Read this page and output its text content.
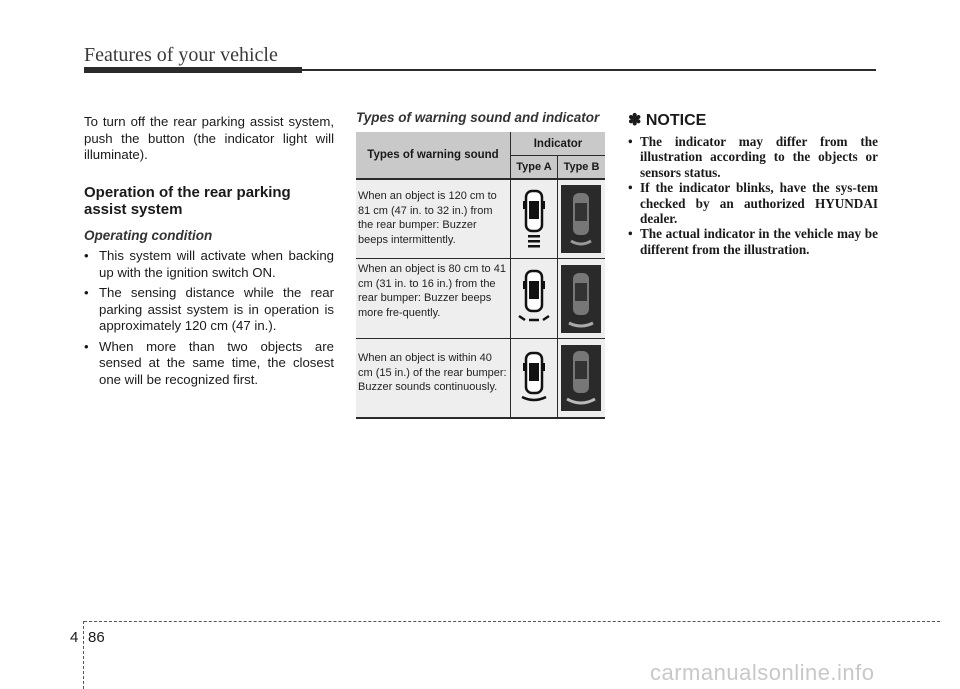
Features of your vehicle

To turn off the rear parking assist system, push the button (the indicator light will illuminate).

Operation of the rear parking assist system
Operating condition
• This system will activate when backing up with the ignition switch ON.
• The sensing distance while the rear parking assist system is in operation is approximately 120 cm (47 in.).
• When more than two objects are sensed at the same time, the closest one will be recognized first.
Types of warning sound and indicator
Types of warning sound
Indicator
Type A	Type B
When an object is 120 cm to 81 cm (47 in. to 32 in.) from the rear bumper: Buzzer beeps intermittently.
When an object is 80 cm to 41 cm (31 in. to 16 in.) from the rear bumper: Buzzer beeps more fre-quently.
When an object is within 40 cm (15 in.) of the rear bumper: Buzzer sounds continuously.
✽ NOTICE
• The indicator may differ from the illustration according to the objects or sensors status.
• If the indicator blinks, have the sys-tem checked by an authorized HYUNDAI dealer.
• The actual indicator in the vehicle may be different from the illustration.
4 86
carmanualsonline.info
